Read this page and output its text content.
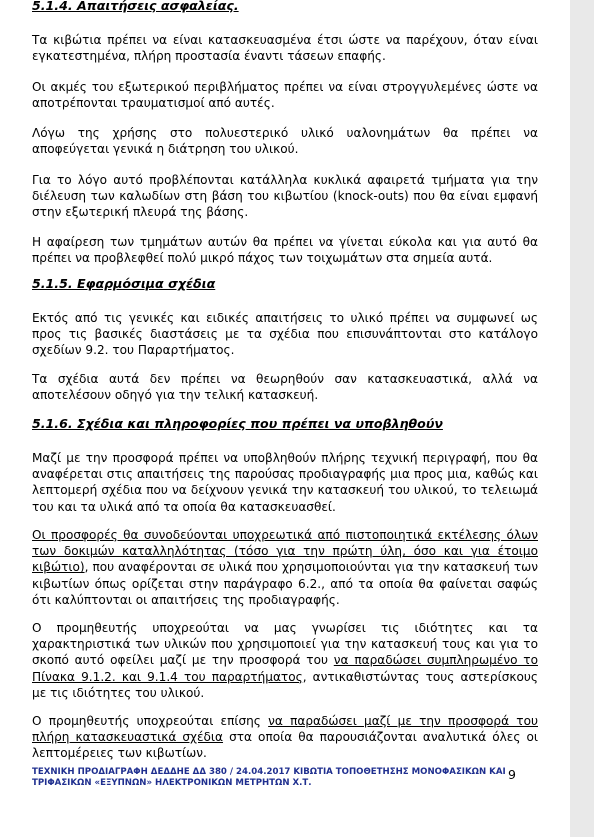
5.1.4. Απαιτήσεις ασφαλείας.

Τα κιβώτια πρέπει να είναι κατασκευασμένα έτσι ώστε να παρέχουν, όταν είναι εγκατεστημένα, πλήρη προστασία έναντι τάσεων επαφής.

Οι ακμές του εξωτερικού περιβλήματος πρέπει να είναι στρογγυλεμένες ώστε να αποτρέπονται τραυματισμοί από αυτές.

Λόγω της χρήσης στο πολυεστερικό υλικό υαλονημάτων θα πρέπει να αποφεύγεται γενικά η διάτρηση του υλικού.

Για το λόγο αυτό προβλέπονται κατάλληλα κυκλικά αφαιρετά τμήματα για την διέλευση των καλωδίων στη βάση του κιβωτίου (knock-outs) που θα είναι εμφανή στην εξωτερική πλευρά της βάσης.

Η αφαίρεση των τμημάτων αυτών θα πρέπει να γίνεται εύκολα και για αυτό θα πρέπει να προβλεφθεί πολύ μικρό πάχος των τοιχωμάτων στα σημεία αυτά.

5.1.5. Εφαρμόσιμα σχέδια

Εκτός από τις γενικές και ειδικές απαιτήσεις το υλικό πρέπει να συμφωνεί ως προς τις βασικές διαστάσεις με τα σχέδια που επισυνάπτονται στο κατάλογο σχεδίων 9.2. του Παραρτήματος.

Τα σχέδια αυτά δεν πρέπει να θεωρηθούν σαν κατασκευαστικά, αλλά να αποτελέσουν οδηγό για την τελική κατασκευή.

5.1.6. Σχέδια και πληροφορίες που πρέπει να υποβληθούν

Μαζί με την προσφορά πρέπει να υποβληθούν πλήρης τεχνική περιγραφή, που θα αναφέρεται στις απαιτήσεις της παρούσας προδιαγραφής μια προς μια, καθώς και λεπτομερή σχέδια που να δείχνουν γενικά την κατασκευή του υλικού, το τελειωμά του και τα υλικά από τα οποία θα κατασκευασθεί.

Οι προσφορές θα συνοδεύονται υποχρεωτικά από πιστοποιητικά εκτέλεσης όλων των δοκιμών καταλληλότητας (τόσο για την πρώτη ύλη, όσο και για έτοιμο κιβώτιο), που αναφέρονται σε υλικά που χρησιμοποιούνται για την κατασκευή των κιβωτίων όπως ορίζεται στην παράγραφο 6.2., από τα οποία θα φαίνεται σαφώς ότι καλύπτονται οι απαιτήσεις της προδιαγραφής.

Ο προμηθευτής υποχρεούται να μας γνωρίσει τις ιδιότητες και τα χαρακτηριστικά των υλικών που χρησιμοποιεί για την κατασκευή τους και για το σκοπό αυτό οφείλει μαζί με την προσφορά του να παραδώσει συμπληρωμένο το Πίνακα 9.1.2. και 9.1.4 του παραρτήματος, αντικαθιστώντας τους αστερίσκους με τις ιδιότητες του υλικού.

Ο προμηθευτής υποχρεούται επίσης να παραδώσει μαζί με την προσφορά του πλήρη κατασκευαστικά σχέδια στα οποία θα παρουσιάζονται αναλυτικά όλες οι λεπτομέρειες των κιβωτίων.

ΤΕΧΝΙΚΗ ΠΡΟΔΙΑΓΡΑΦΗ ΔΕΔΔΗΕ ΔΔ 380 / 24.04.2017 ΚΙΒΩΤΙΑ ΤΟΠΟΘΕΤΗΣΗΣ ΜΟΝΟΦΑΣΙΚΩΝ ΚΑΙ
ΤΡΙΦΑΣΙΚΩΝ «ΕΞΥΠΝΩΝ» ΗΛΕΚΤΡΟΝΙΚΩΝ ΜΕΤΡΗΤΩΝ Χ.Τ.
9
